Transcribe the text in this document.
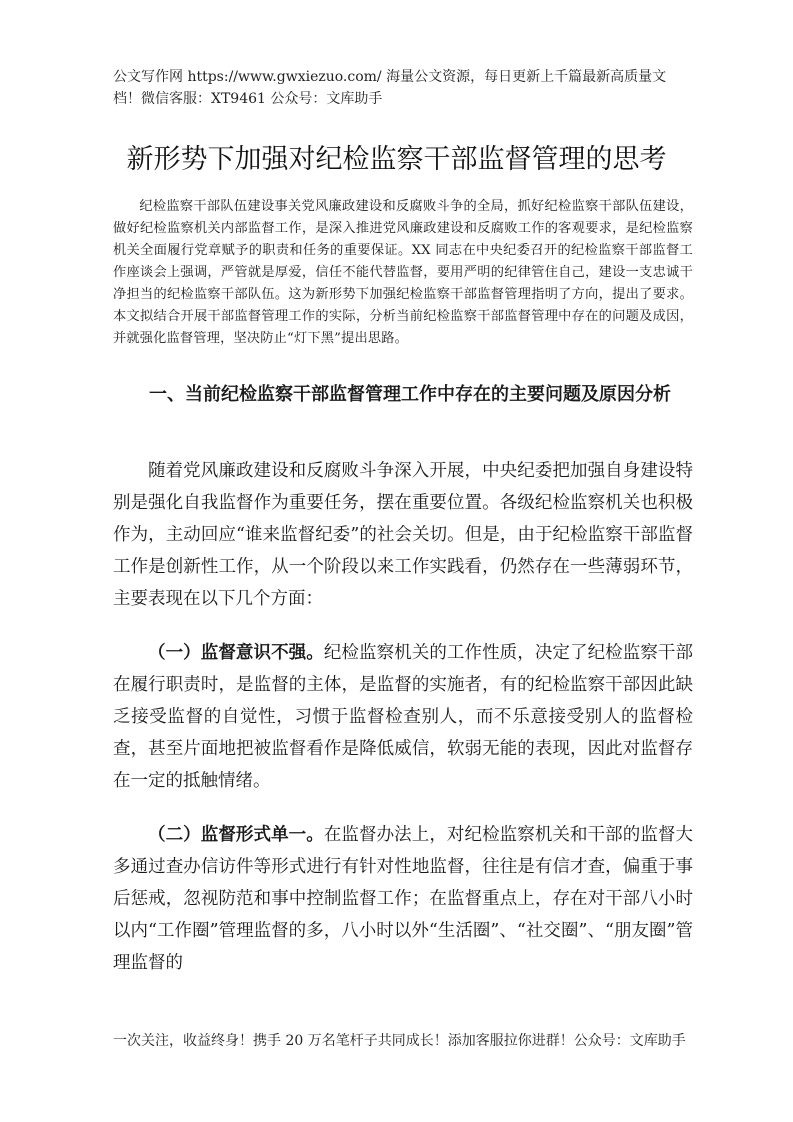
公文写作网 https://www.gwxiezuo.com/ 海量公文资源，每日更新上千篇最新高质量文档！微信客服：XT9461 公众号：文库助手
新形势下加强对纪检监察干部监督管理的思考
纪检监察干部队伍建设事关党风廉政建设和反腐败斗争的全局，抓好纪检监察干部队伍建设，做好纪检监察机关内部监督工作，是深入推进党风廉政建设和反腐败工作的客观要求，是纪检监察机关全面履行党章赋予的职责和任务的重要保证。XX 同志在中央纪委召开的纪检监察干部监督工作座谈会上强调，严管就是厚爱，信任不能代替监督，要用严明的纪律管住自己，建设一支忠诚干净担当的纪检监察干部队伍。这为新形势下加强纪检监察干部监督管理指明了方向，提出了要求。本文拟结合开展干部监督管理工作的实际，分析当前纪检监察干部监督管理中存在的问题及成因，并就强化监督管理，坚决防止“灯下黑”提出思路。
一、当前纪检监察干部监督管理工作中存在的主要问题及原因分析
随着党风廉政建设和反腐败斗争深入开展，中央纪委把加强自身建设特别是强化自我监督作为重要任务，摆在重要位置。各级纪检监察机关也积极作为，主动回应“谁来监督纪委”的社会关切。但是，由于纪检监察干部监督工作是创新性工作，从一个阶段以来工作实践看，仍然存在一些薄弱环节，主要表现在以下几个方面：
（一）监督意识不强。纪检监察机关的工作性质，决定了纪检监察干部在履行职责时，是监督的主体，是监督的实施者，有的纪检监察干部因此缺乏接受监督的自觉性，习惯于监督检查别人，而不乐意接受别人的监督检查，甚至片面地把被监督看作是降低威信，软弱无能的表现，因此对监督存在一定的抵触情绪。
（二）监督形式单一。在监督办法上，对纪检监察机关和干部的监督大多通过查办信访件等形式进行有针对性地监督，往往是有信才查，偏重于事后惩戒，忽视防范和事中控制监督工作；在监督重点上，存在对干部八小时以内“工作圈”管理监督的多，八小时以外“生活圈”、“社交圈”、“朋友圈”管理监督的
一次关注，收益终身！携手 20 万名笔杆子共同成长！添加客服拉你进群！公众号：文库助手
